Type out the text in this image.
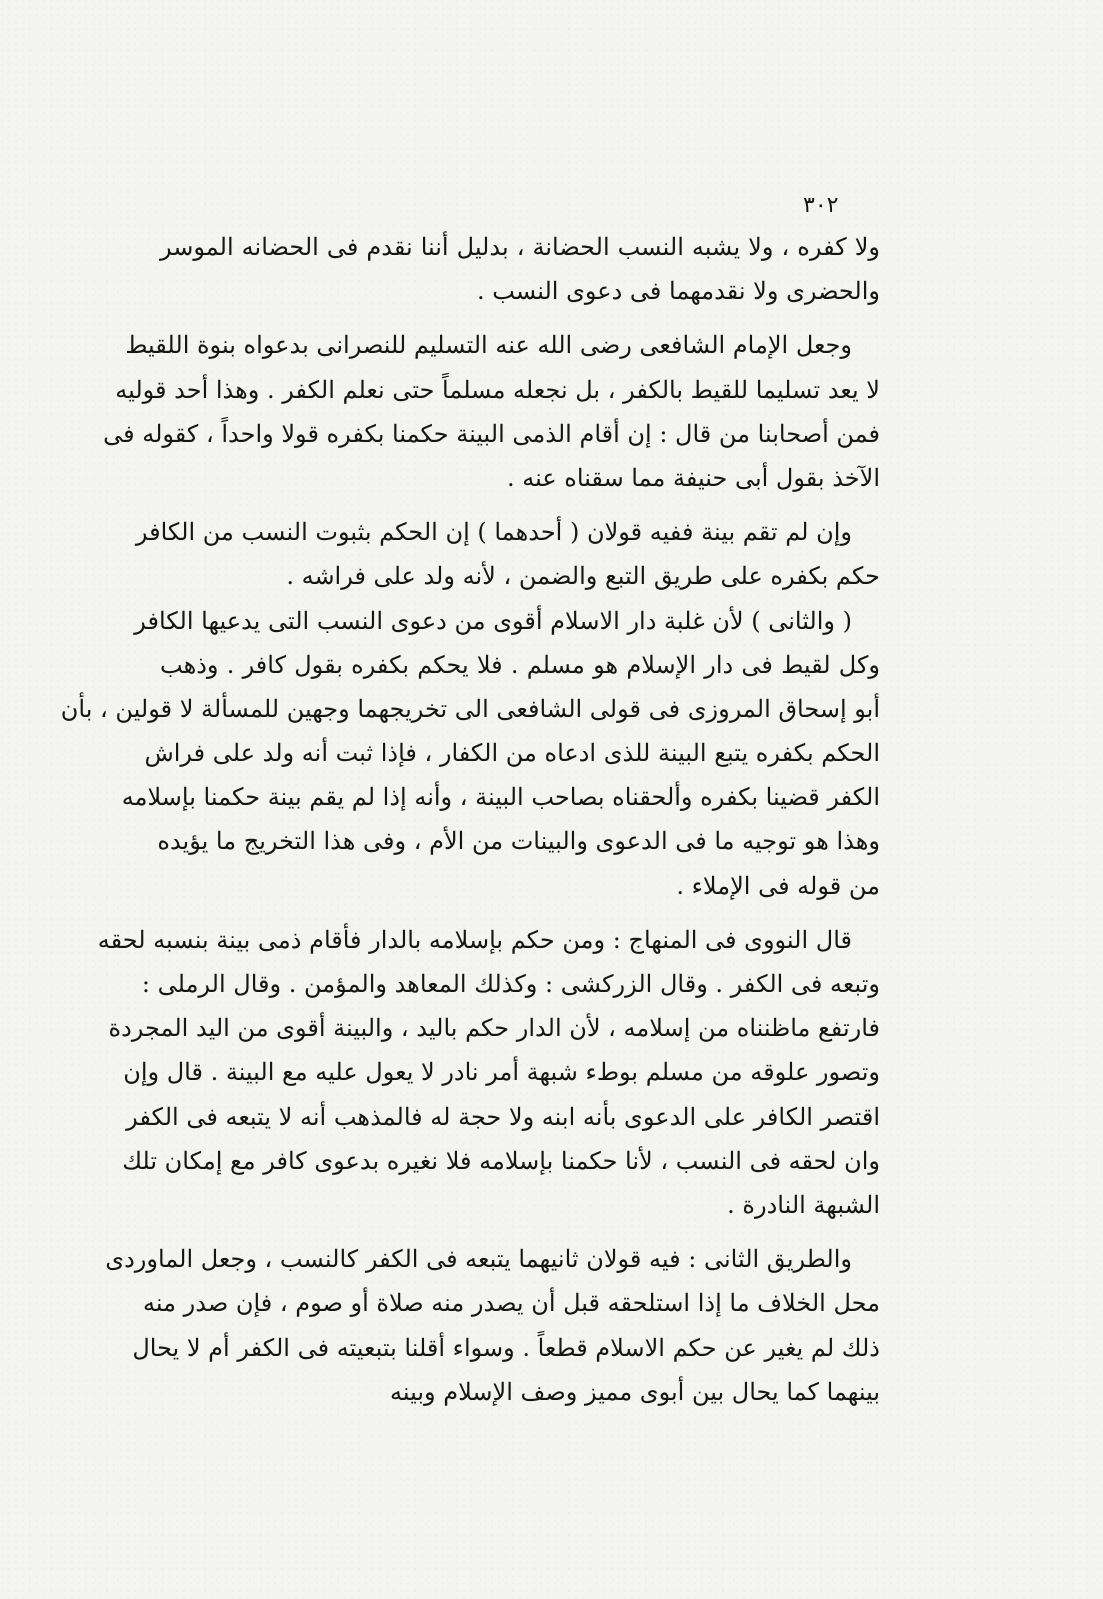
٣٠٢
ولا كفره ، ولا يشبه النسب الحضانة ، بدليل أننا نقدم فى الحضانه الموسر
والحضرى ولا نقدمهما فى دعوى النسب .
وجعل الإمام الشافعى رضى الله عنه التسليم للنصرانى بدعواه بنوة اللقيط
لا يعد تسليما للقيط بالكفر ، بل نجعله مسلماً حتى نعلم الكفر . وهذا أحد قوليه
فمن أصحابنا من قال : إن أقام الذمى البينة حكمنا بكفره قولا واحداً ، كقوله فى
الآخذ بقول أبى حنيفة مما سقناه عنه .
وإن لم تقم بينة ففيه قولان ( أحدهما ) إن الحكم بثبوت النسب من الكافر
حكم بكفره على طريق التبع والضمن ، لأنه ولد على فراشه .
( والثانى ) لأن غلبة دار الاسلام أقوى من دعوى النسب التى يدعيها الكافر
وكل لقيط فى دار الإسلام هو مسلم . فلا يحكم بكفره بقول كافر . وذهب
أبو إسحاق المروزى فى قولى الشافعى الى تخريجهما وجهين للمسألة لا قولين ، بأن
الحكم بكفره يتبع البينة للذى ادعاه من الكفار ، فإذا ثبت أنه ولد على فراش
الكفر قضينا بكفره وألحقناه بصاحب البينة ، وأنه إذا لم يقم بينة حكمنا بإسلامه
وهذا هو توجيه ما فى الدعوى والبينات من الأم ، وفى هذا التخريج ما يؤيده
من قوله فى الإملاء .
قال النووى فى المنهاج : ومن حكم بإسلامه بالدار فأقام ذمى بينة بنسبه لحقه
وتبعه فى الكفر . وقال الزركشى : وكذلك المعاهد والمؤمن . وقال الرملى :
فارتفع ماظنناه من إسلامه ، لأن الدار حكم باليد ، والبينة أقوى من اليد المجردة
وتصور علوقه من مسلم بوطء شبهة أمر نادر لا يعول عليه مع البينة . قال وإن
اقتصر الكافر على الدعوى بأنه ابنه ولا حجة له فالمذهب أنه لا يتبعه فى الكفر
وان لحقه فى النسب ، لأنا حكمنا بإسلامه فلا نغيره بدعوى كافر مع إمكان تلك
الشبهة النادرة .
والطريق الثانى : فيه قولان ثانيهما يتبعه فى الكفر كالنسب ، وجعل الماوردى
محل الخلاف ما إذا استلحقه قبل أن يصدر منه صلاة أو صوم ، فإن صدر منه
ذلك لم يغير عن حكم الاسلام قطعاً . وسواء أقلنا بتبعيته فى الكفر أم لا يحال
بينهما كما يحال بين أبوى مميز وصف الإسلام وبينه
